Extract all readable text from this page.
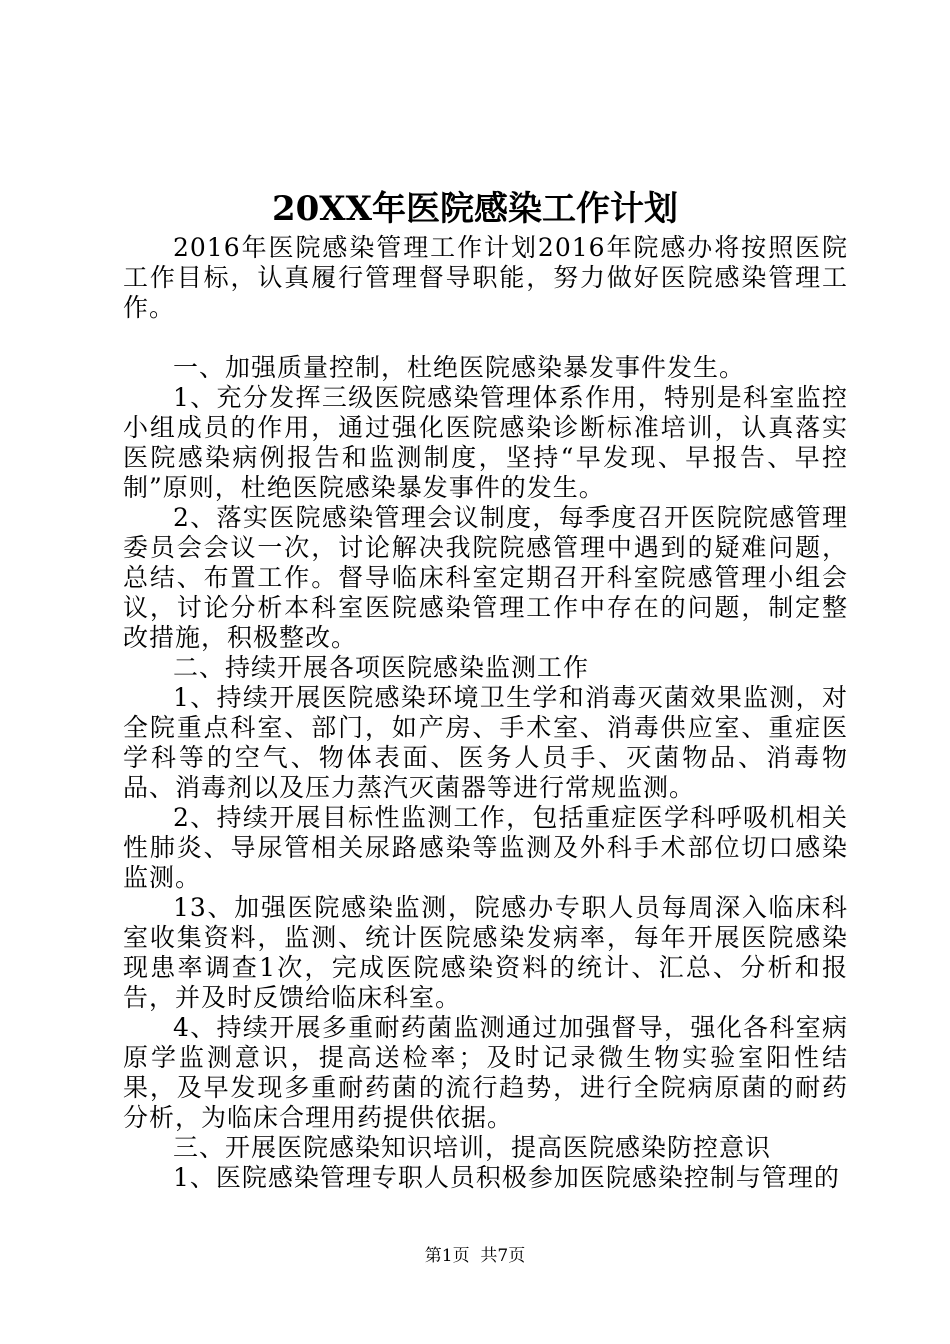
20XX年医院感染工作计划

2016年医院感染管理工作计划2016年院感办将按照医院工作目标，认真履行管理督导职能，努力做好医院感染管理工作。

一、加强质量控制，杜绝医院感染暴发事件发生。

1、充分发挥三级医院感染管理体系作用，特别是科室监控小组成员的作用，通过强化医院感染诊断标准培训，认真落实医院感染病例报告和监测制度，坚持“早发现、早报告、早控制”原则，杜绝医院感染暴发事件的发生。

2、落实医院感染管理会议制度，每季度召开医院院感管理委员会会议一次，讨论解决我院院感管理中遇到的疑难问题，总结、布置工作。督导临床科室定期召开科室院感管理小组会议，讨论分析本科室医院感染管理工作中存在的问题，制定整改措施，积极整改。

二、持续开展各项医院感染监测工作

1、持续开展医院感染环境卫生学和消毒灭菌效果监测，对全院重点科室、部门，如产房、手术室、消毒供应室、重症医学科等的空气、物体表面、医务人员手、灭菌物品、消毒物品、消毒剂以及压力蒸汽灭菌器等进行常规监测。

2、持续开展目标性监测工作，包括重症医学科呼吸机相关性肺炎、导尿管相关尿路感染等监测及外科手术部位切口感染监测。

13、加强医院感染监测，院感办专职人员每周深入临床科室收集资料，监测、统计医院感染发病率，每年开展医院感染现患率调查1次，完成医院感染资料的统计、汇总、分析和报告，并及时反馈给临床科室。

4、持续开展多重耐药菌监测通过加强督导，强化各科室病原学监测意识，提高送检率；及时记录微生物实验室阳性结果，及早发现多重耐药菌的流行趋势，进行全院病原菌的耐药分析，为临床合理用药提供依据。

三、开展医院感染知识培训，提高医院感染防控意识

1、医院感染管理专职人员积极参加医院感染控制与管理的

第1页 共7页
